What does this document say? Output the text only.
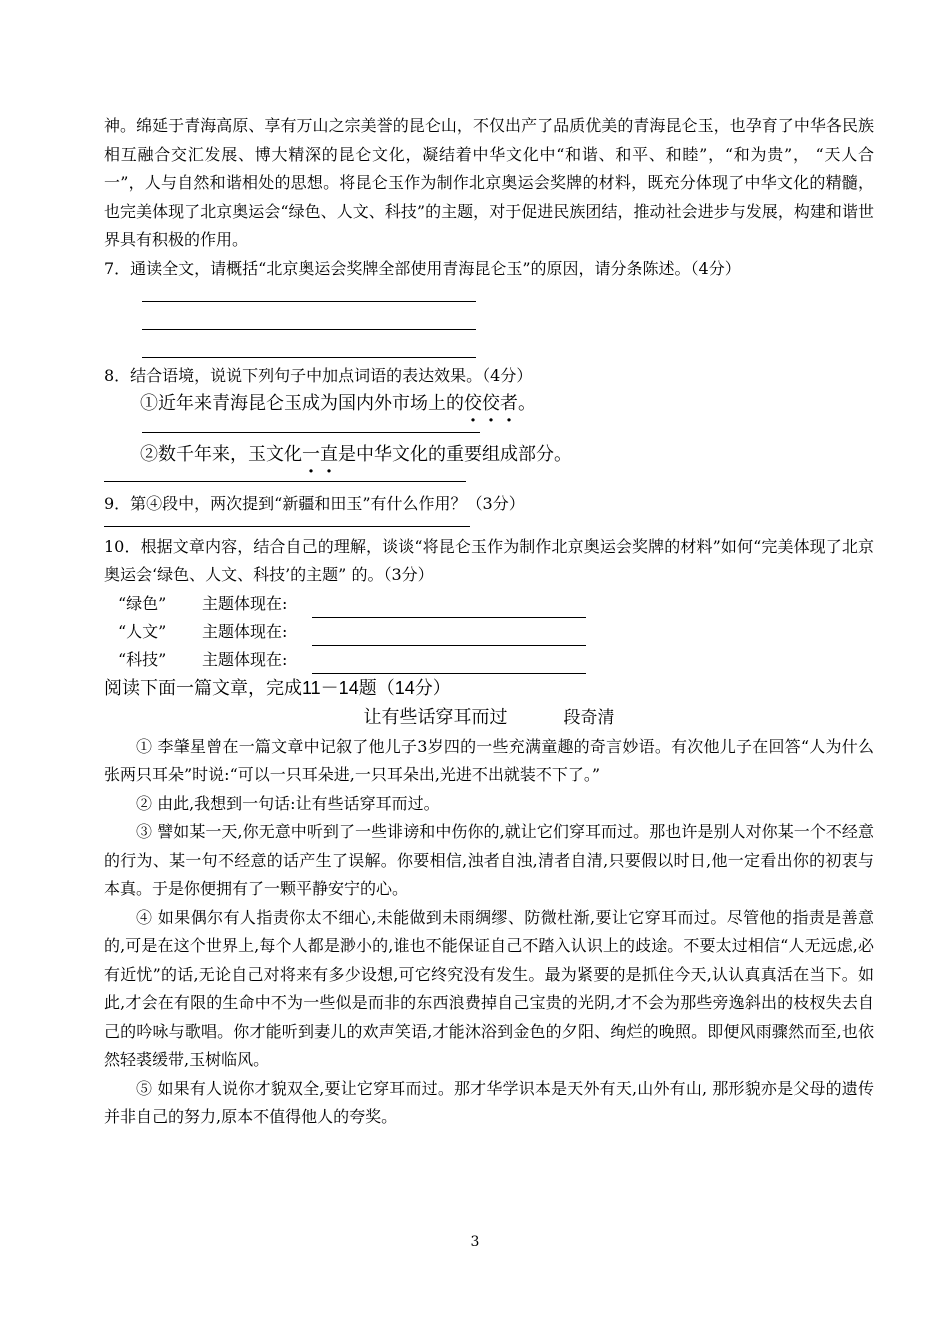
神。绵延于青海高原、享有万山之宗美誉的昆仑山，不仅出产了品质优美的青海昆仑玉，也孕育了中华各民族相互融合交汇发展、博大精深的昆仑文化，凝结着中华文化中“和谐、和平、和睦”，“和为贵”， “天人合一”，人与自然和谐相处的思想。将昆仑玉作为制作北京奥运会奖牌的材料，既充分体现了中华文化的精髓，也完美体现了北京奥运会“绿色、人文、科技”的主题，对于促进民族团结，推动社会进步与发展，构建和谐世界具有积极的作用。

7．通读全文，请概括“北京奥运会奖牌全部使用青海昆仑玉”的原因，请分条陈述。（4分）

8．结合语境，说说下列句子中加点词语的表达效果。（4分）

①近年来青海昆仑玉成为国内外市场上的佼佼者。

②数千年来，玉文化一直是中华文化的重要组成部分。

9．第④段中，两次提到“新疆和田玉”有什么作用？（3分）

10．根据文章内容，结合自己的理解，谈谈“将昆仑玉作为制作北京奥运会奖牌的材料”如何“完美体现了北京奥运会‘绿色、人文、科技’的主题” 的。（3分）

“绿色”	主题体现在:
“人文”	主题体现在:
“科技”	主题体现在:

阅读下面一篇文章，完成11－14题（14分）

让有些话穿耳而过	段奇清

① 李肇星曾在一篇文章中记叙了他儿子3岁四的一些充满童趣的奇言妙语。有次他儿子在回答“人为什么张两只耳朵”时说:“可以一只耳朵进,一只耳朵出,光进不出就装不下了。”

② 由此,我想到一句话:让有些话穿耳而过。

③ 譬如某一天,你无意中听到了一些诽谤和中伤你的,就让它们穿耳而过。那也许是别人对你某一个不经意的行为、某一句不经意的话产生了误解。你要相信,浊者自浊,清者自清,只要假以时日,他一定看出你的初衷与本真。于是你便拥有了一颗平静安宁的心。

④ 如果偶尔有人指责你太不细心,未能做到未雨绸缪、防微杜渐,要让它穿耳而过。尽管他的指责是善意的,可是在这个世界上,每个人都是渺小的,谁也不能保证自己不踏入认识上的歧途。不要太过相信“人无远虑,必有近忧”的话,无论自己对将来有多少设想,可它终究没有发生。最为紧要的是抓住今天,认认真真活在当下。如此,才会在有限的生命中不为一些似是而非的东西浪费掉自己宝贵的光阴,才不会为那些旁逸斜出的枝杈失去自己的吟咏与歌唱。你才能听到妻儿的欢声笑语,才能沐浴到金色的夕阳、绚烂的晚照。即便风雨骤然而至,也依然轻裘缓带,玉树临风。

⑤ 如果有人说你才貌双全,要让它穿耳而过。那才华学识本是天外有天,山外有山, 那形貌亦是父母的遗传并非自己的努力,原本不值得他人的夸奖。

3
